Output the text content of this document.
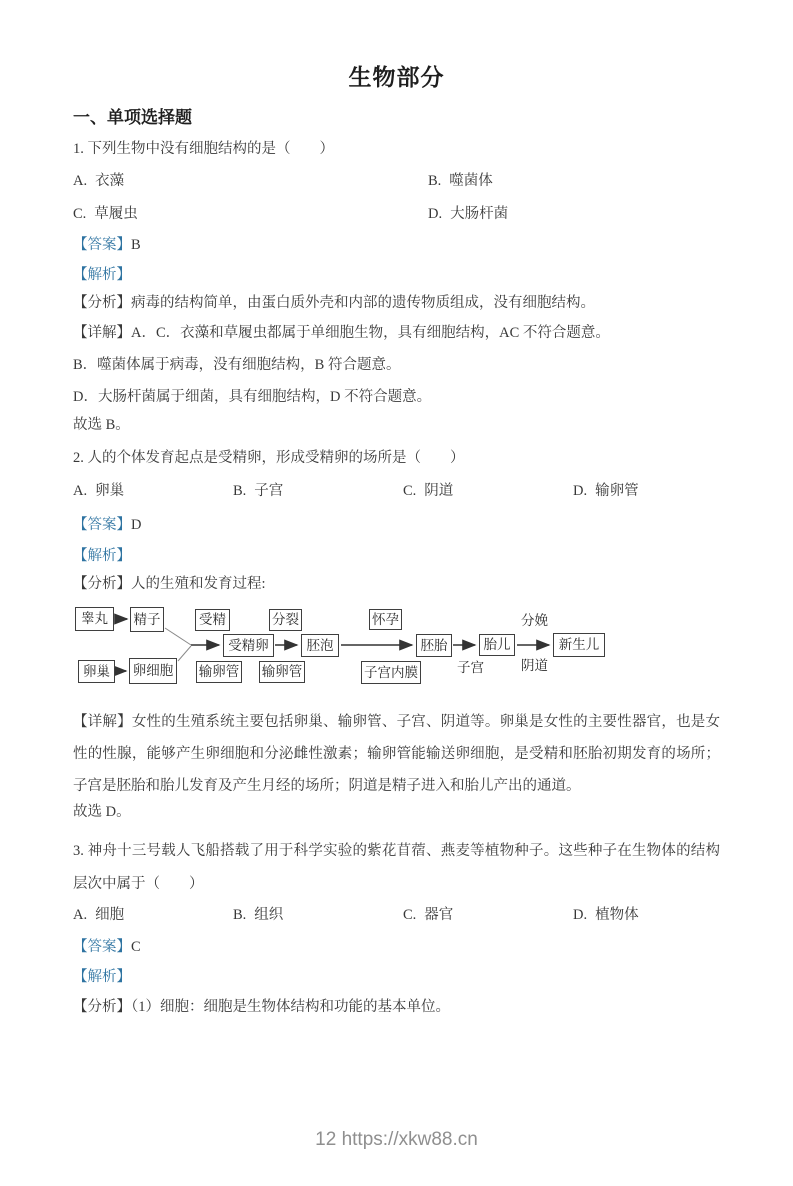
生物部分
一、单项选择题

1. 下列生物中没有细胞结构的是（　　）

A. 衣藻	B. 噬菌体
C. 草履虫	D. 大肠杆菌

【答案】B

【解析】

【分析】病毒的结构简单，由蛋白质外壳和内部的遗传物质组成，没有细胞结构。

【详解】A．C．衣藻和草履虫都属于单细胞生物，具有细胞结构，AC 不符合题意。

B．噬菌体属于病毒，没有细胞结构，B 符合题意。

D．大肠杆菌属于细菌，具有细胞结构，D 不符合题意。

故选 B。

2. 人的个体发育起点是受精卵，形成受精卵的场所是（　　）

A. 卵巢	B. 子宫	C. 阴道	D. 输卵管

【答案】D

【解析】

【分析】人的生殖和发育过程:

睾丸	精子
卵巢	卵细胞
受精
输卵管
受精卵
分裂
输卵管
胚泡
怀孕
子宫内膜
胚胎
子宫
胎儿
分娩
阴道
新生儿

【详解】女性的生殖系统主要包括卵巢、输卵管、子宫、阴道等。卵巢是女性的主要性器官，也是女性的性腺，能够产生卵细胞和分泌雌性激素；输卵管能输送卵细胞，是受精和胚胎初期发育的场所；子宫是胚胎和胎儿发育及产生月经的场所；阴道是精子进入和胎儿产出的通道。

故选 D。

3. 神舟十三号载人飞船搭载了用于科学实验的紫花苜蓿、燕麦等植物种子。这些种子在生物体的结构层次中属于（　　）

A. 细胞	B. 组织	C. 器官	D. 植物体

【答案】C

【解析】

【分析】（1）细胞：细胞是生物体结构和功能的基本单位。

12 https://xkw88.cn
